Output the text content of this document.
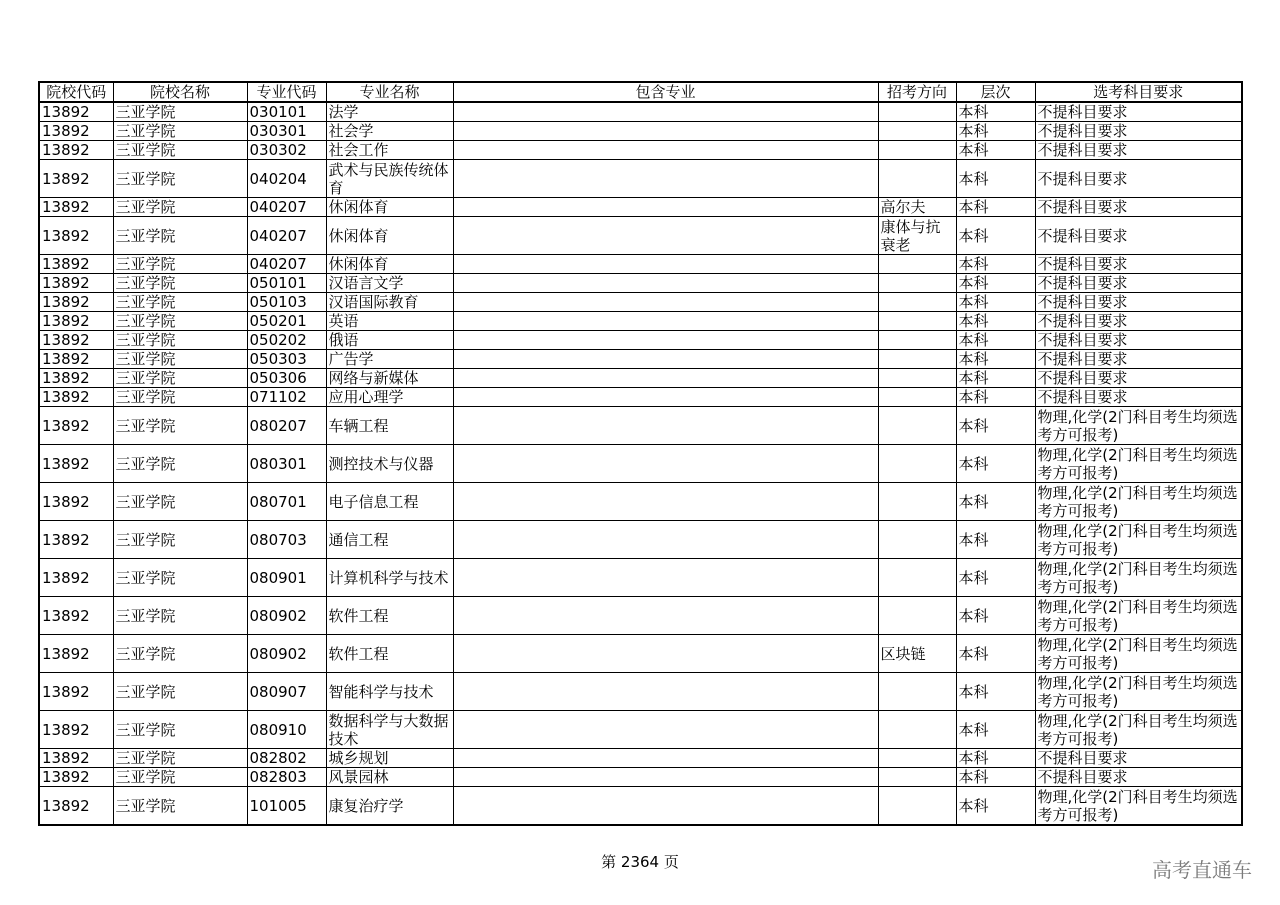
院校代码	院校名称	专业代码	专业名称	包含专业	招考方向	层次	选考科目要求
13892	三亚学院	030101	法学			本科	不提科目要求
13892	三亚学院	030301	社会学			本科	不提科目要求
13892	三亚学院	030302	社会工作			本科	不提科目要求
13892	三亚学院	040204	武术与民族传统体育			本科	不提科目要求
13892	三亚学院	040207	休闲体育		高尔夫	本科	不提科目要求
13892	三亚学院	040207	休闲体育		康体与抗衰老	本科	不提科目要求
13892	三亚学院	040207	休闲体育			本科	不提科目要求
13892	三亚学院	050101	汉语言文学			本科	不提科目要求
13892	三亚学院	050103	汉语国际教育			本科	不提科目要求
13892	三亚学院	050201	英语			本科	不提科目要求
13892	三亚学院	050202	俄语			本科	不提科目要求
13892	三亚学院	050303	广告学			本科	不提科目要求
13892	三亚学院	050306	网络与新媒体			本科	不提科目要求
13892	三亚学院	071102	应用心理学			本科	不提科目要求
13892	三亚学院	080207	车辆工程			本科	物理,化学(2门科目考生均须选考方可报考)
13892	三亚学院	080301	测控技术与仪器			本科	物理,化学(2门科目考生均须选考方可报考)
13892	三亚学院	080701	电子信息工程			本科	物理,化学(2门科目考生均须选考方可报考)
13892	三亚学院	080703	通信工程			本科	物理,化学(2门科目考生均须选考方可报考)
13892	三亚学院	080901	计算机科学与技术			本科	物理,化学(2门科目考生均须选考方可报考)
13892	三亚学院	080902	软件工程			本科	物理,化学(2门科目考生均须选考方可报考)
13892	三亚学院	080902	软件工程		区块链	本科	物理,化学(2门科目考生均须选考方可报考)
13892	三亚学院	080907	智能科学与技术			本科	物理,化学(2门科目考生均须选考方可报考)
13892	三亚学院	080910	数据科学与大数据技术			本科	物理,化学(2门科目考生均须选考方可报考)
13892	三亚学院	082802	城乡规划			本科	不提科目要求
13892	三亚学院	082803	风景园林			本科	不提科目要求
13892	三亚学院	101005	康复治疗学			本科	物理,化学(2门科目考生均须选考方可报考)
第 2364 页	高考直通车
